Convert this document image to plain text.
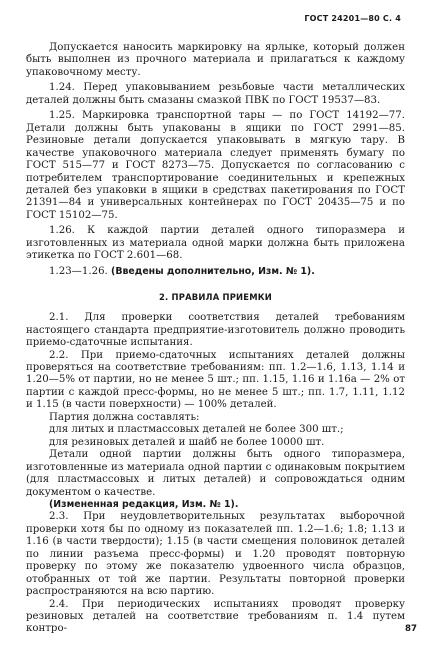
ГОСТ 24201—80 С. 4

Допускается наносить маркировку на ярлыке, который должен быть выполнен из прочного материала и прилагаться к каждому упаковочному месту.

1.24. Перед упаковыванием резьбовые части металлических деталей должны быть смазаны смазкой ПВК по ГОСТ 19537—83.

1.25. Маркировка транспортной тары — по ГОСТ 14192—77. Детали должны быть упакованы в ящики по ГОСТ 2991—85. Резиновые детали допускается упаковывать в мягкую тару. В качестве упаковочного материала следует применять бумагу по ГОСТ 515—77 и ГОСТ 8273—75. Допускается по согласованию с потребителем транспортирование соединительных и крепежных деталей без упаковки в ящики в средствах пакетирования по ГОСТ 21391—84 и универсальных контейнерах по ГОСТ 20435—75 и по ГОСТ 15102—75.

1.26. К каждой партии деталей одного типоразмера и изготовленных из материала одной марки должна быть приложена этикетка по ГОСТ 2.601—68.

1.23—1.26. (Введены дополнительно, Изм. № 1).

2. ПРАВИЛА ПРИЕМКИ

2.1. Для проверки соответствия деталей требованиям настоящего стандарта предприятие-изготовитель должно проводить приемо-сдаточные испытания.

2.2. При приемо-сдаточных испытаниях деталей должны проверяться на соответствие требованиям: пп. 1.2—1.6, 1.13, 1.14 и 1.20—5% от партии, но не менее 5 шт.; пп. 1.15, 1.16 и 1.16а — 2% от партии с каждой пресс-формы, но не менее 5 шт.; пп. 1.7, 1.11, 1.12 и 1.15 (в части поверхности) — 100% деталей.

Партия должна составлять:

для литых и пластмассовых деталей не более 300 шт.;

для резиновых деталей и шайб не более 10000 шт.

Детали одной партии должны быть одного типоразмера, изготовленные из материала одной партии с одинаковым покрытием (для пластмассовых и литых деталей) и сопровождаться одним документом о качестве.

(Измененная редакция, Изм. № 1).

2.3. При неудовлетворительных результатах выборочной проверки хотя бы по одному из показателей пп. 1.2—1.6; 1.8; 1.13 и 1.16 (в части твердости); 1.15 (в части смещения половинок деталей по линии разъема пресс-формы) и 1.20 проводят повторную проверку по этому же показателю удвоенного числа образцов, отобранных от той же партии. Результаты повторной проверки распространяются на всю партию.

2.4. При периодических испытаниях проводят проверку резиновых деталей на соответствие требованиям п. 1.4 путем контро-	87
